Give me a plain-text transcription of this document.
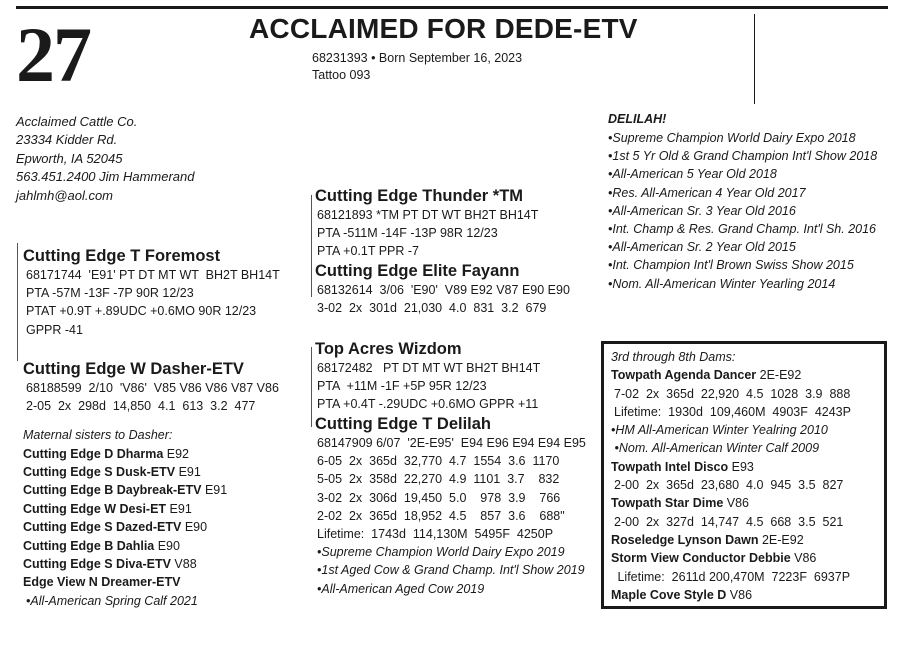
27	ACCLAIMED FOR DEDE-ETV
68231393 • Born September 16, 2023
Tattoo 093
Acclaimed Cattle Co.
23334 Kidder Rd.
Epworth, IA 52045
563.451.2400 Jim Hammerand
jahlmh@aol.com
Cutting Edge T Foremost
68171744  'E91' PT DT MT WT  BH2T BH14T
PTA -57M -13F -7P 90R 12/23
PTAT +0.9T +.89UDC +0.6MO 90R 12/23
GPPR -41
Cutting Edge Thunder *TM
68121893 *TM PT DT WT BH2T BH14T
PTA -511M -14F -13P 98R 12/23
PTA +0.1T PPR -7
Cutting Edge Elite Fayann
68132614  3/06  'E90'  V89 E92 V87 E90 E90
3-02  2x  301d  21,030  4.0  831  3.2  679
Cutting Edge W Dasher-ETV
68188599  2/10  'V86'  V85 V86 V86 V87 V86
2-05  2x  298d  14,850  4.1  613  3.2  477
Maternal sisters to Dasher:
Cutting Edge D Dharma E92
Cutting Edge S Dusk-ETV E91
Cutting Edge B Daybreak-ETV E91
Cutting Edge W Desi-ET E91
Cutting Edge S Dazed-ETV E90
Cutting Edge B Dahlia E90
Cutting Edge S Diva-ETV V88
Edge View N Dreamer-ETV
•All-American Spring Calf 2021
Top Acres Wizdom
68172482   PT DT MT WT BH2T BH14T
PTA  +11M -1F +5P 95R 12/23
PTA +0.4T -.29UDC +0.6MO GPPR +11
Cutting Edge T Delilah
68147909 6/07  '2E-E95'  E94 E96 E94 E94 E95
6-05  2x  365d  32,770  4.7  1554  3.6  1170
5-05  2x  358d  22,270  4.9  1101  3.7    832
3-02  2x  306d  19,450  5.0    978  3.9    766
2-02  2x  365d  18,952  4.5    857  3.6    688"
Lifetime:  1743d  114,130M  5495F  4250P
•Supreme Champion World Dairy Expo 2019
•1st Aged Cow & Grand Champ. Int'l Show 2019
•All-American Aged Cow 2019
DELILAH!
•Supreme Champion World Dairy Expo 2018
•1st 5 Yr Old & Grand Champion Int'l Show 2018
•All-American 5 Year Old 2018
•Res. All-American 4 Year Old 2017
•All-American Sr. 3 Year Old 2016
•Int. Champ & Res. Grand Champ. Int'l Sh. 2016
•All-American Sr. 2 Year Old 2015
•Int. Champion Int'l Brown Swiss Show 2015
•Nom. All-American Winter Yearling 2014
3rd through 8th Dams:
Towpath Agenda Dancer 2E-E92
7-02  2x  365d  22,920  4.5  1028  3.9  888
Lifetime:  1930d  109,460M  4903F  4243P
•HM All-American Winter Yealring 2010
•Nom. All-American Winter Calf 2009
Towpath Intel Disco E93
2-00  2x  365d  23,680  4.0  945  3.5  827
Towpath Star Dime V86
2-00  2x  327d  14,747  4.5  668  3.5  521
Roseledge Lynson Dawn 2E-E92
Storm View Conductor Debbie V86
Lifetime:  2611d 200,470M  7223F  6937P
Maple Cove Style D V86
